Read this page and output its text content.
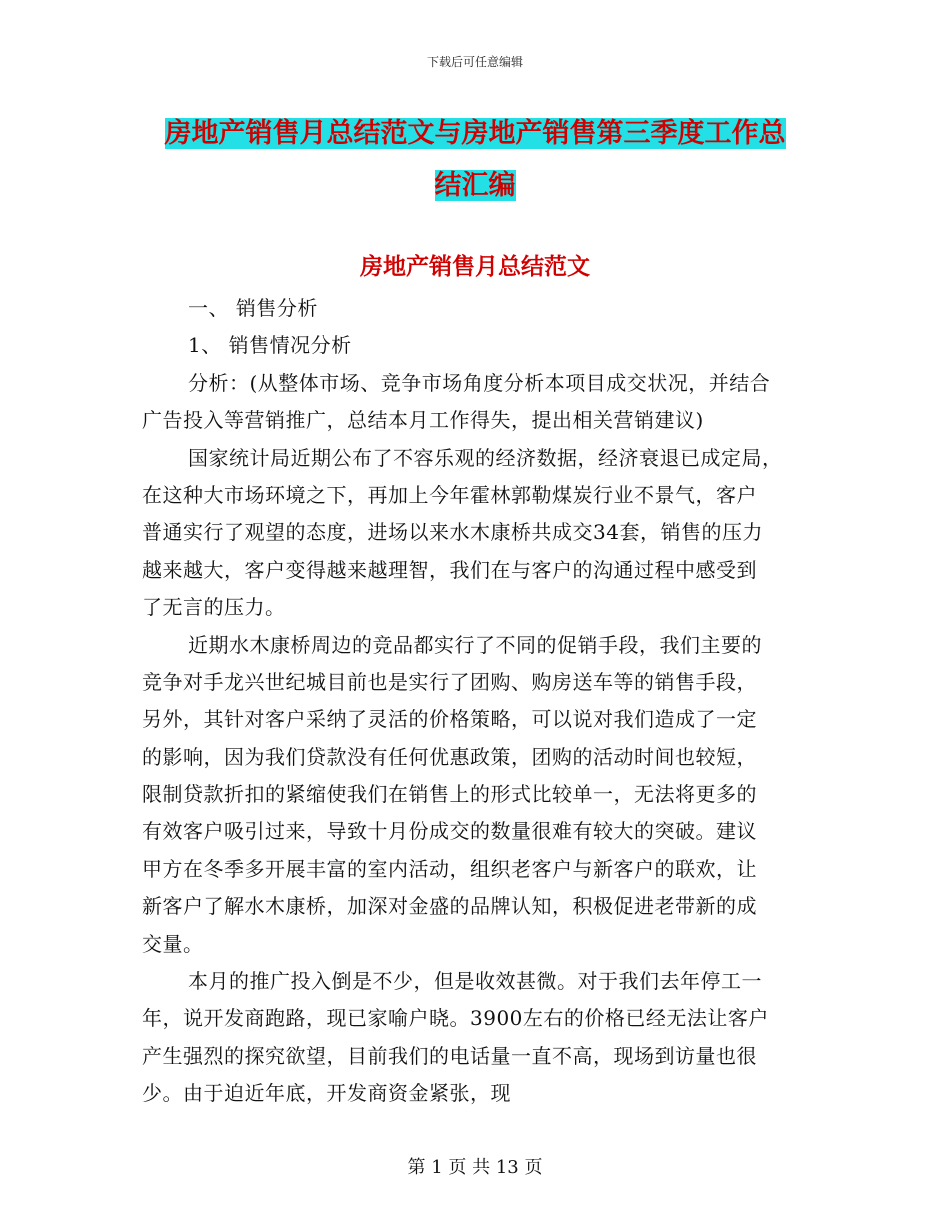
下载后可任意编辑
房地产销售月总结范文与房地产销售第三季度工作总
结汇编
房地产销售月总结范文
一、 销售分析
1、 销售情况分析
分析：(从整体市场、竞争市场角度分析本项目成交状况，并结合
广告投入等营销推广，总结本月工作得失，提出相关营销建议)
国家统计局近期公布了不容乐观的经济数据，经济衰退已成定局，
在这种大市场环境之下，再加上今年霍林郭勒煤炭行业不景气，客户
普通实行了观望的态度，进场以来水木康桥共成交34套，销售的压力
越来越大，客户变得越来越理智，我们在与客户的沟通过程中感受到
了无言的压力。
近期水木康桥周边的竞品都实行了不同的促销手段，我们主要的
竞争对手龙兴世纪城目前也是实行了团购、购房送车等的销售手段，
另外，其针对客户采纳了灵活的价格策略，可以说对我们造成了一定
的影响，因为我们贷款没有任何优惠政策，团购的活动时间也较短，
限制贷款折扣的紧缩使我们在销售上的形式比较单一，无法将更多的
有效客户吸引过来，导致十月份成交的数量很难有较大的突破。建议
甲方在冬季多开展丰富的室内活动，组织老客户与新客户的联欢，让
新客户了解水木康桥，加深对金盛的品牌认知，积极促进老带新的成
交量。
本月的推广投入倒是不少，但是收效甚微。对于我们去年停工一
年，说开发商跑路，现已家喻户晓。3900左右的价格已经无法让客户
产生强烈的探究欲望，目前我们的电话量一直不高，现场到访量也很
少。由于迫近年底，开发商资金紧张，现
第 1 页 共 13 页
